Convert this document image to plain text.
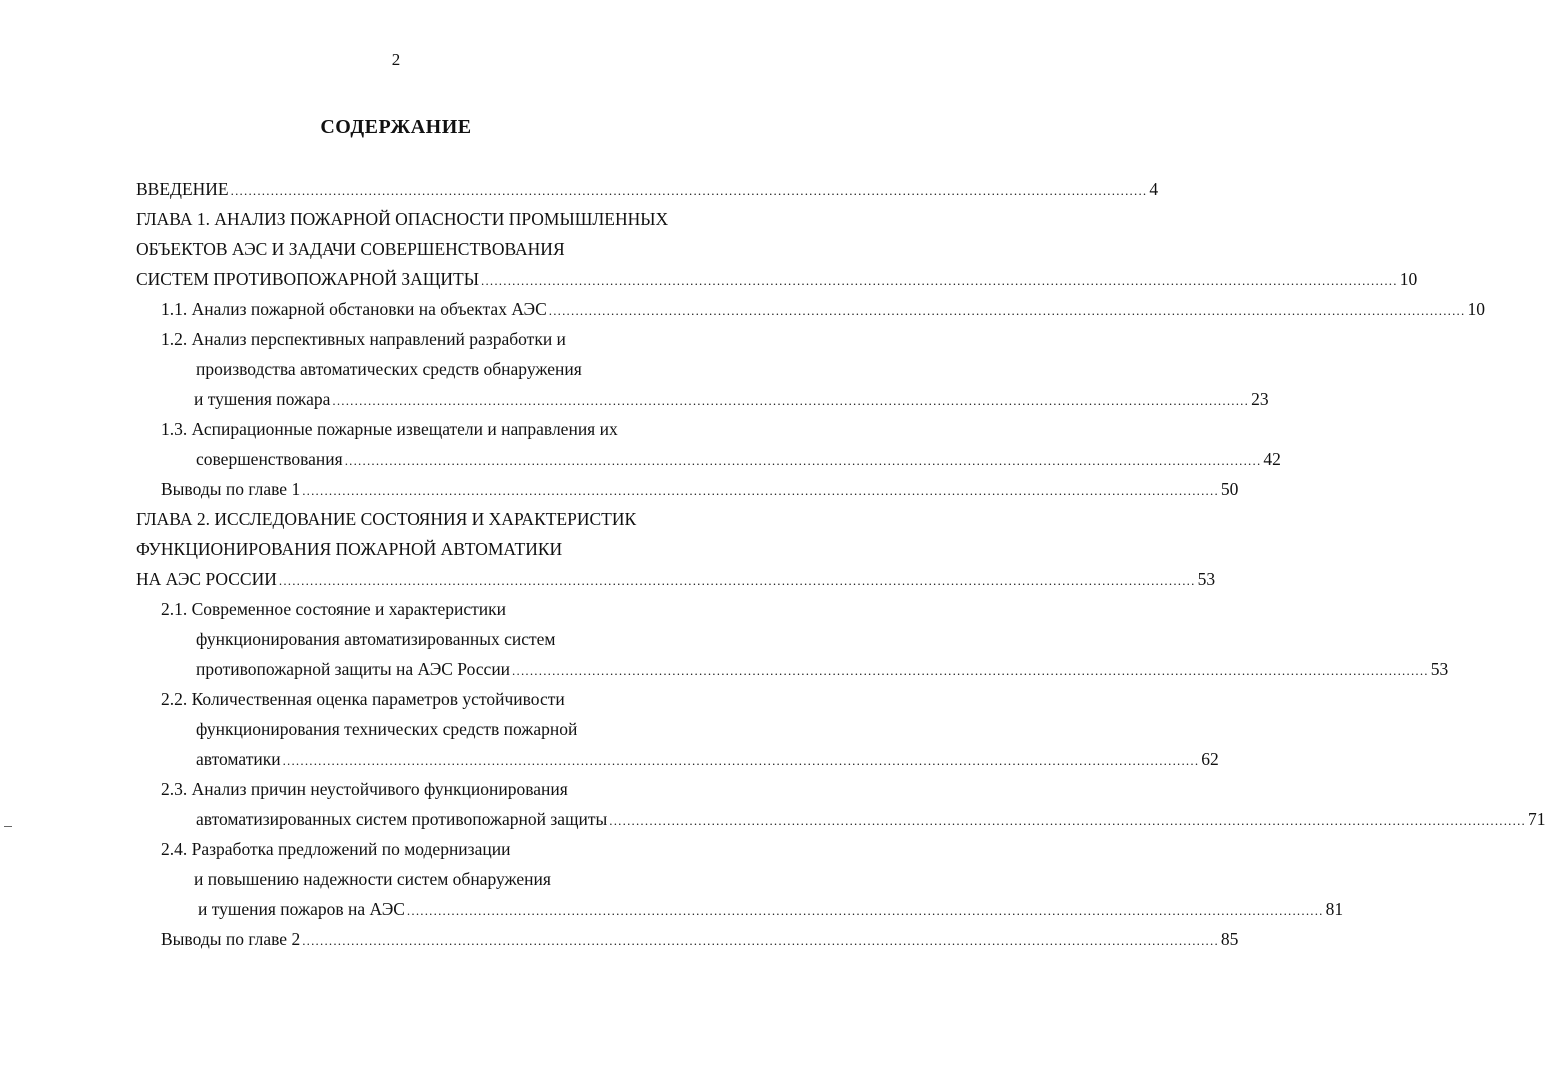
2
СОДЕРЖАНИЕ
ВВЕДЕНИЕ .............................................................................................................................................................................................................. 4
ГЛАВА 1. АНАЛИЗ ПОЖАРНОЙ ОПАСНОСТИ ПРОМЫШЛЕННЫХ
ОБЪЕКТОВ АЭС И ЗАДАЧИ СОВЕРШЕНСТВОВАНИЯ
СИСТЕМ ПРОТИВОПОЖАРНОЙ ЗАЩИТЫ .............................................................................................................................................................................................................. 10
1.1. Анализ пожарной обстановки на объектах АЭС .............................................................................................................................................................................................................. 10
1.2. Анализ перспективных направлений разработки и
производства автоматических средств обнаружения
и тушения пожара .............................................................................................................................................................................................................. 23
1.3. Аспирационные пожарные извещатели и направления их
совершенствования .............................................................................................................................................................................................................. 42
Выводы по главе 1 .............................................................................................................................................................................................................. 50
ГЛАВА 2. ИССЛЕДОВАНИЕ СОСТОЯНИЯ И ХАРАКТЕРИСТИК
ФУНКЦИОНИРОВАНИЯ ПОЖАРНОЙ АВТОМАТИКИ
НА АЭС РОССИИ .............................................................................................................................................................................................................. 53
2.1. Современное состояние и характеристики
функционирования автоматизированных систем
противопожарной защиты на АЭС России .............................................................................................................................................................................................................. 53
2.2. Количественная оценка параметров устойчивости
функционирования технических средств пожарной
автоматики .............................................................................................................................................................................................................. 62
2.3. Анализ причин неустойчивого функционирования
автоматизированных систем противопожарной защиты .............................................................................................................................................................................................................. 71
2.4. Разработка предложений по модернизации
и повышению надежности систем обнаружения
и тушения пожаров на АЭС .............................................................................................................................................................................................................. 81
Выводы по главе 2 .............................................................................................................................................................................................................. 85
